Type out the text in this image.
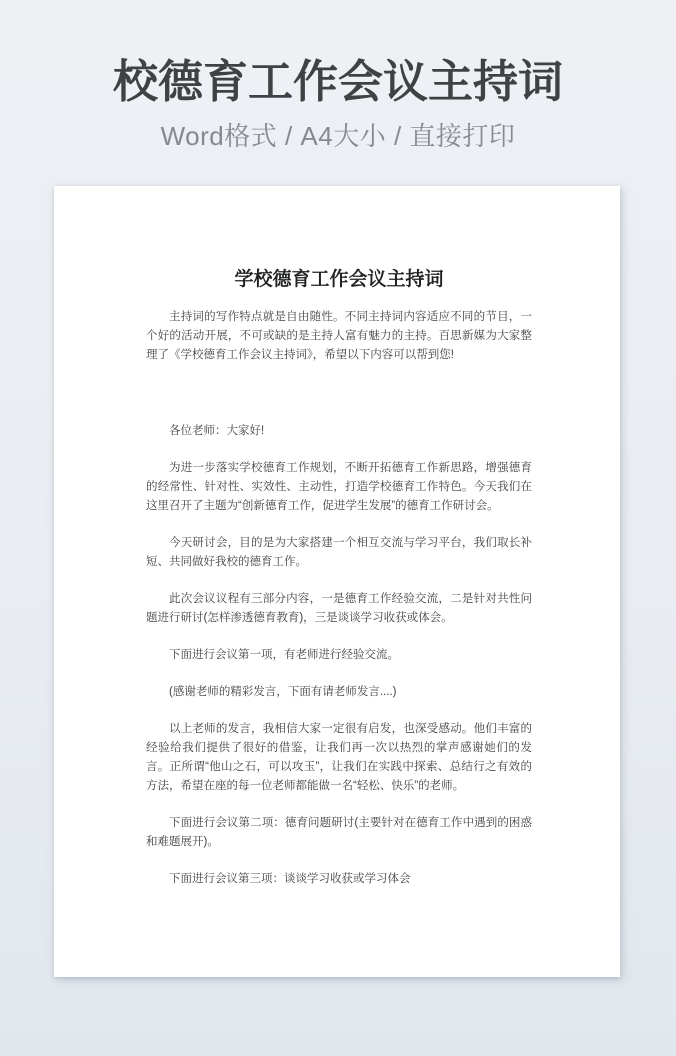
校德育工作会议主持词

Word格式 / A4大小 / 直接打印

学校德育工作会议主持词

主持词的写作特点就是自由随性。不同主持词内容适应不同的节目，一个好的活动开展，不可或缺的是主持人富有魅力的主持。百思新媒为大家整理了《学校德育工作会议主持词》，希望以下内容可以帮到您!

各位老师：大家好!

为进一步落实学校德育工作规划，不断开拓德育工作新思路，增强德育的经常性、针对性、实效性、主动性，打造学校德育工作特色。今天我们在这里召开了主题为“创新德育工作，促进学生发展”的德育工作研讨会。

今天研讨会，目的是为大家搭建一个相互交流与学习平台，我们取长补短、共同做好我校的德育工作。

此次会议议程有三部分内容，一是德育工作经验交流，二是针对共性问题进行研讨(怎样渗透德育教育)，三是谈谈学习收获或体会。

下面进行会议第一项，有老师进行经验交流。

(感谢老师的精彩发言，下面有请老师发言....)

以上老师的发言，我相信大家一定很有启发，也深受感动。他们丰富的经验给我们提供了很好的借鉴，让我们再一次以热烈的掌声感谢她们的发言。正所谓“他山之石，可以攻玉”，让我们在实践中探索、总结行之有效的方法，希望在座的每一位老师都能做一名“轻松、快乐”的老师。

下面进行会议第二项：德育问题研讨(主要针对在德育工作中遇到的困惑和难题展开)。

下面进行会议第三项：谈谈学习收获或学习体会
